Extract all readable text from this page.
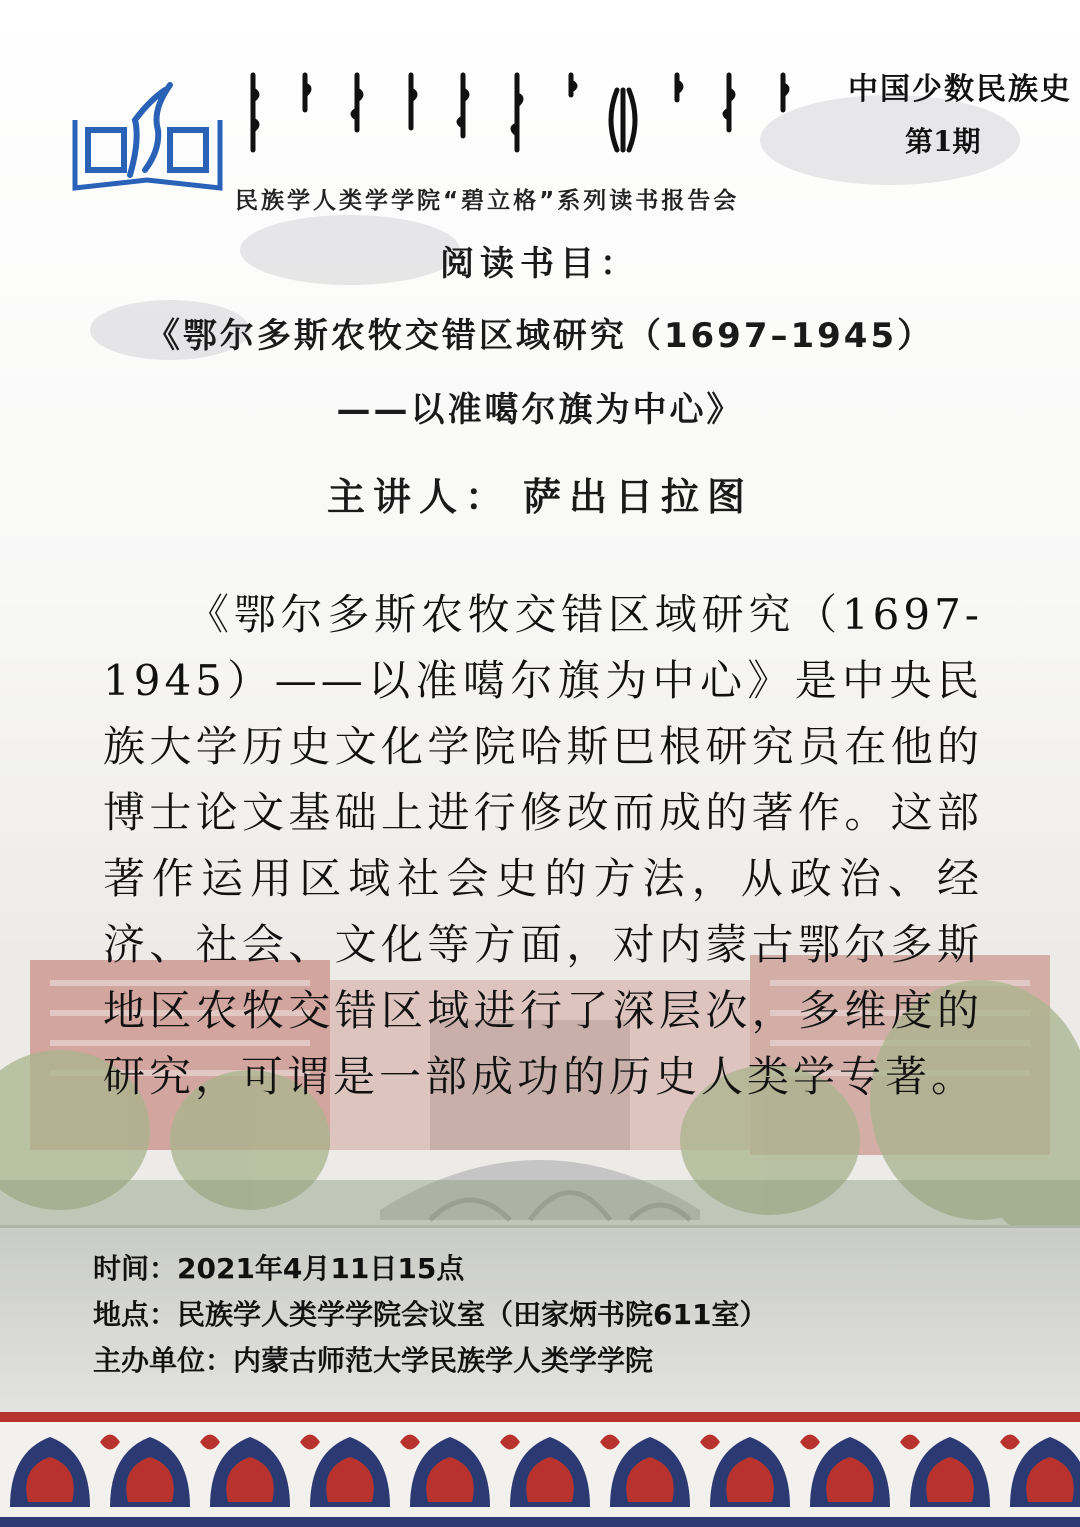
中国少数民族史
第1期
民族学人类学学院“碧立格”系列读书报告会
阅读书目：
《鄂尔多斯农牧交错区域研究（1697–1945）
——以准噶尔旗为中心》
主讲人： 萨出日拉图
《鄂尔多斯农牧交错区域研究（1697-1945）——以准噶尔旗为中心》是中央民族大学历史文化学院哈斯巴根研究员在他的博士论文基础上进行修改而成的著作。这部著作运用区域社会史的方法，从政治、经济、社会、文化等方面，对内蒙古鄂尔多斯地区农牧交错区域进行了深层次，多维度的研究，可谓是一部成功的历史人类学专著。
时间：2021年4月11日15点
地点：民族学人类学学院会议室（田家炳书院611室）
主办单位：内蒙古师范大学民族学人类学学院
